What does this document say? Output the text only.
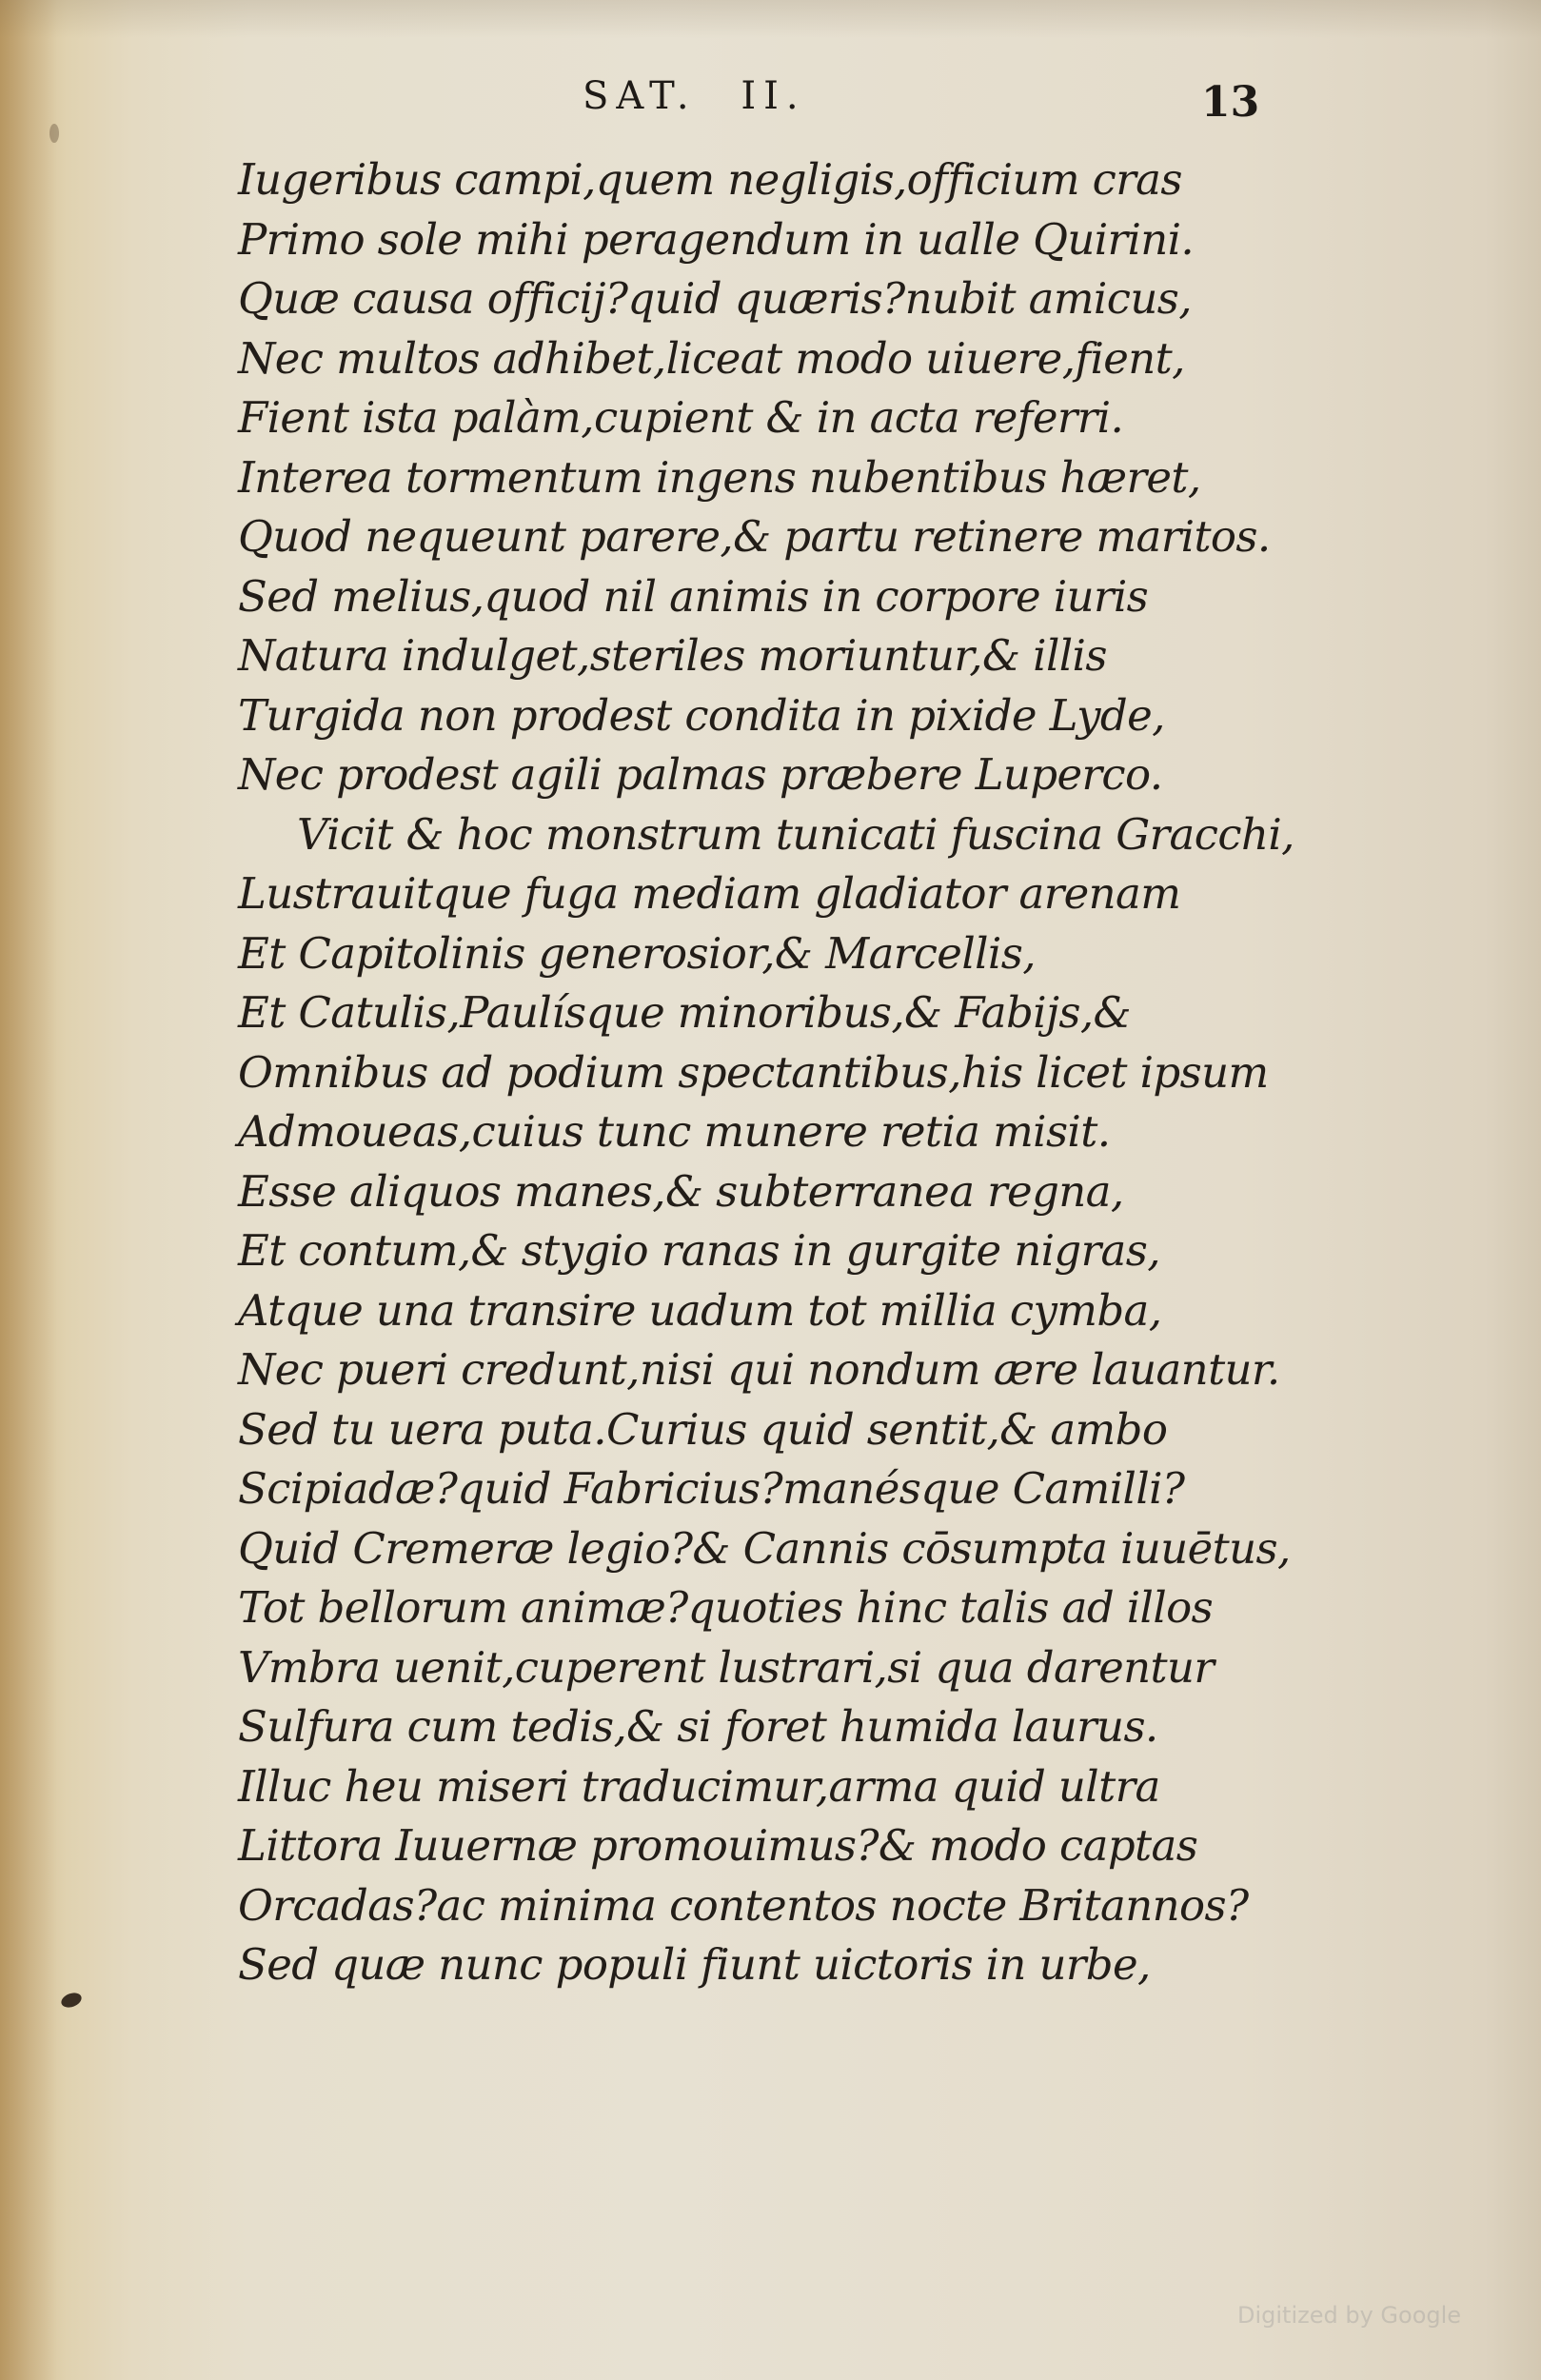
SAT. II.	13
Iugeribus campi,quem negligis,officium cras
Primo sole mihi peragendum in ualle Quirini.
Quæ causa officij?quid quæris?nubit amicus,
Nec multos adhibet,liceat modo uiuere,fient,
Fient ista palàm,cupient & in acta referri.
Interea tormentum ingens nubentibus hæret,
Quod nequeunt parere,& partu retinere maritos.
Sed melius,quod nil animis in corpore iuris
Natura indulget,steriles moriuntur,& illis
Turgida non prodest condita in pixide Lyde,
Nec prodest agili palmas præbere Luperco.
Vicit & hoc monstrum tunicati fuscina Gracchi,
Lustrauitque fuga mediam gladiator arenam
Et Capitolinis generosior,& Marcellis,
Et Catulis,Paulísque minoribus,& Fabijs,&
Omnibus ad podium spectantibus,his licet ipsum
Admoueas,cuius tunc munere retia misit.
Esse aliquos manes,& subterranea regna,
Et contum,& stygio ranas in gurgite nigras,
Atque una transire uadum tot millia cymba,
Nec pueri credunt,nisi qui nondum ære lauantur.
Sed tu uera puta.Curius quid sentit,& ambo
Scipiadæ?quid Fabricius?manésque Camilli?
Quid Cremeræ legio?& Cannis cōsumpta iuuētus,
Tot bellorum animæ?quoties hinc talis ad illos
Vmbra uenit,cuperent lustrari,si qua darentur
Sulfura cum tedis,& si foret humida laurus.
Illuc heu miseri traducimur,arma quid ultra
Littora Iuuernæ promouimus?& modo captas
Orcadas?ac minima contentos nocte Britannos?
Sed quæ nunc populi fiunt uictoris in urbe,
Digitized by Google
